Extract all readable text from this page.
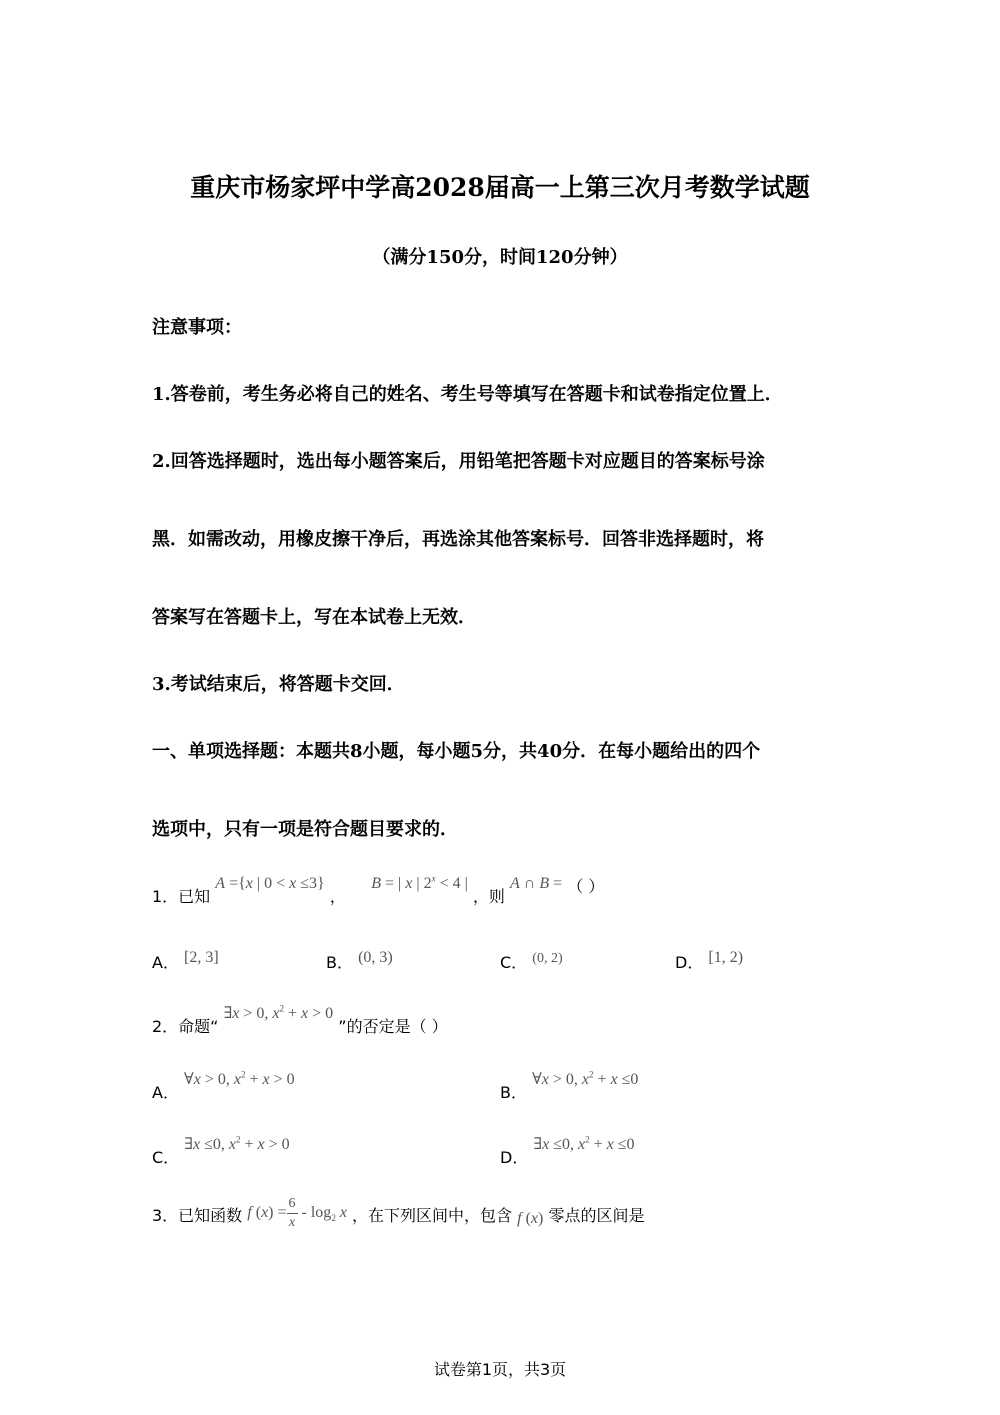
重庆市杨家坪中学高2028届高一上第三次月考数学试题
（满分150分，时间120分钟）
注意事项：
1.答卷前，考生务必将自己的姓名、考生号等填写在答题卡和试卷指定位置上．
2.回答选择题时，选出每小题答案后，用铅笔把答题卡对应题目的答案标号涂
黑．如需改动，用橡皮擦干净后，再选涂其他答案标号．回答非选择题时，将
答案写在答题卡上，写在本试卷上无效．
3.考试结束后，将答题卡交回．
一、单项选择题：本题共8小题，每小题5分，共40分．在每小题给出的四个
选项中，只有一项是符合题目要求的．
1．已知 A ={x | 0 < x ≤3} ，     B = | x | $2^x < 4$ | ，则 A ∩ B = （ ）
A． [2, 3]	B． (0, 3)	C． (0, 2)	D． [1, 2)
2．命题“ ∃x > 0, $x^2 + x > 0$ ”的否定是（ ）
A． ∀x > 0, $x^2 + x > 0$
B． ∀x > 0, $x^2 + x \le 0$
C． ∃x ≤0, $x^2 + x > 0$
D． ∃x ≤0, $x^2 + x \le 0$
3．已知函数 f $(x) = \frac{6}{x} - \log_2 x$ ，在下列区间中，包含 f (x) 零点的区间是
试卷第1页，共3页
